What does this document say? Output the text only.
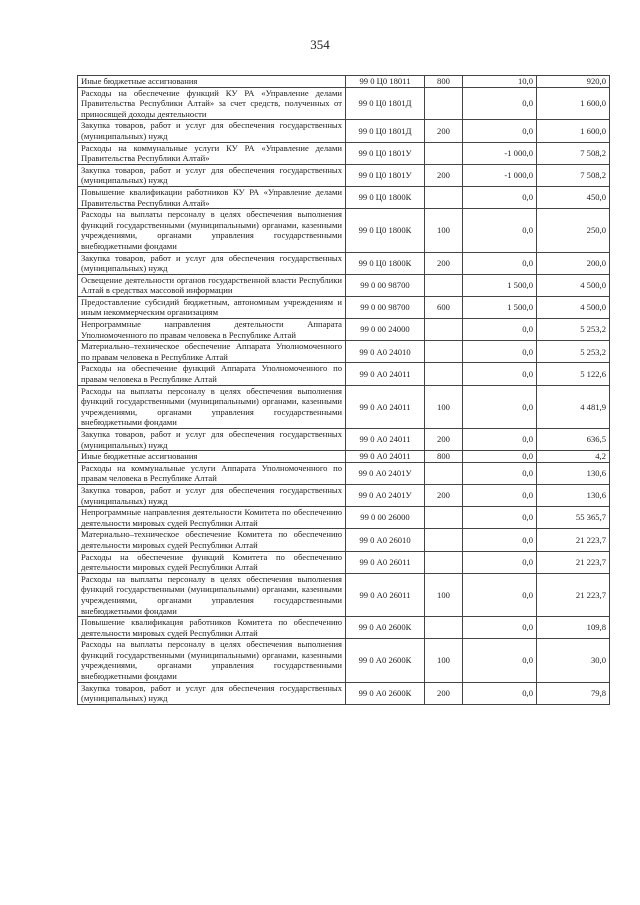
354
Иные бюджетные ассигнования	99 0 Ц0 18011	800	10,0	920,0
Расходы на обеспечение функций КУ РА «Управление делами Правительства Республики Алтай» за счет средств, полученных от приносящей доходы деятельности	99 0 Ц0 1801Д		0,0	1 600,0
Закупка товаров, работ и услуг для обеспечения государственных (муниципальных) нужд	99 0 Ц0 1801Д	200	0,0	1 600,0
Расходы на коммунальные услуги КУ РА «Управление делами Правительства Республики Алтай»	99 0 Ц0 1801У		-1 000,0	7 508,2
Закупка товаров, работ и услуг для обеспечения государственных (муниципальных) нужд	99 0 Ц0 1801У	200	-1 000,0	7 508,2
Повышение квалификации работников КУ РА «Управление делами Правительства Республики Алтай»	99 0 Ц0 1800К		0,0	450,0
Расходы на выплаты персоналу в целях обеспечения выполнения функций государственными (муниципальными) органами, казенными учреждениями, органами управления государственными внебюджетными фондами	99 0 Ц0 1800К	100	0,0	250,0
Закупка товаров, работ и услуг для обеспечения государственных (муниципальных) нужд	99 0 Ц0 1800К	200	0,0	200,0
Освещение деятельности органов государственной власти Республики Алтай в средствах массовой информации	99 0 00 98700		1 500,0	4 500,0
Предоставление субсидий бюджетным, автономным учреждениям и иным некоммерческим организациям	99 0 00 98700	600	1 500,0	4 500,0
Непрограммные направления деятельности Аппарата Уполномоченного по правам человека в Республике Алтай	99 0 00 24000		0,0	5 253,2
Материально–техническое обеспечение Аппарата Уполномоченного по правам человека в Республике Алтай	99 0 А0 24010		0,0	5 253,2
Расходы на обеспечение функций Аппарата Уполномоченного по правам человека в Республике Алтай	99 0 А0 24011		0,0	5 122,6
Расходы на выплаты персоналу в целях обеспечения выполнения функций государственными (муниципальными) органами, казенными учреждениями, органами управления государственными внебюджетными фондами	99 0 А0 24011	100	0,0	4 481,9
Закупка товаров, работ и услуг для обеспечения государственных (муниципальных) нужд	99 0 А0 24011	200	0,0	636,5
Иные бюджетные ассигнования	99 0 А0 24011	800	0,0	4,2
Расходы на коммунальные услуги Аппарата Уполномоченного по правам человека в Республике Алтай	99 0 А0 2401У		0,0	130,6
Закупка товаров, работ и услуг для обеспечения государственных (муниципальных) нужд	99 0 А0 2401У	200	0,0	130,6
Непрограммные направления деятельности Комитета по обеспечению деятельности мировых судей Республики Алтай	99 0 00 26000		0,0	55 365,7
Материально–техническое обеспечение Комитета по обеспечению деятельности мировых судей Республики Алтай	99 0 А0 26010		0,0	21 223,7
Расходы на обеспечение функций Комитета по обеспечению деятельности мировых судей Республики Алтай	99 0 А0 26011		0,0	21 223,7
Расходы на выплаты персоналу в целях обеспечения выполнения функций государственными (муниципальными) органами, казенными учреждениями, органами управления государственными внебюджетными фондами	99 0 А0 26011	100	0,0	21 223,7
Повышение квалификация работников Комитета по обеспечению деятельности мировых судей Республики Алтай	99 0 А0 2600К		0,0	109,8
Расходы на выплаты персоналу в целях обеспечения выполнения функций государственными (муниципальными) органами, казенными учреждениями, органами управления государственными внебюджетными фондами	99 0 А0 2600К	100	0,0	30,0
Закупка товаров, работ и услуг для обеспечения государственных (муниципальных) нужд	99 0 А0 2600К	200	0,0	79,8
